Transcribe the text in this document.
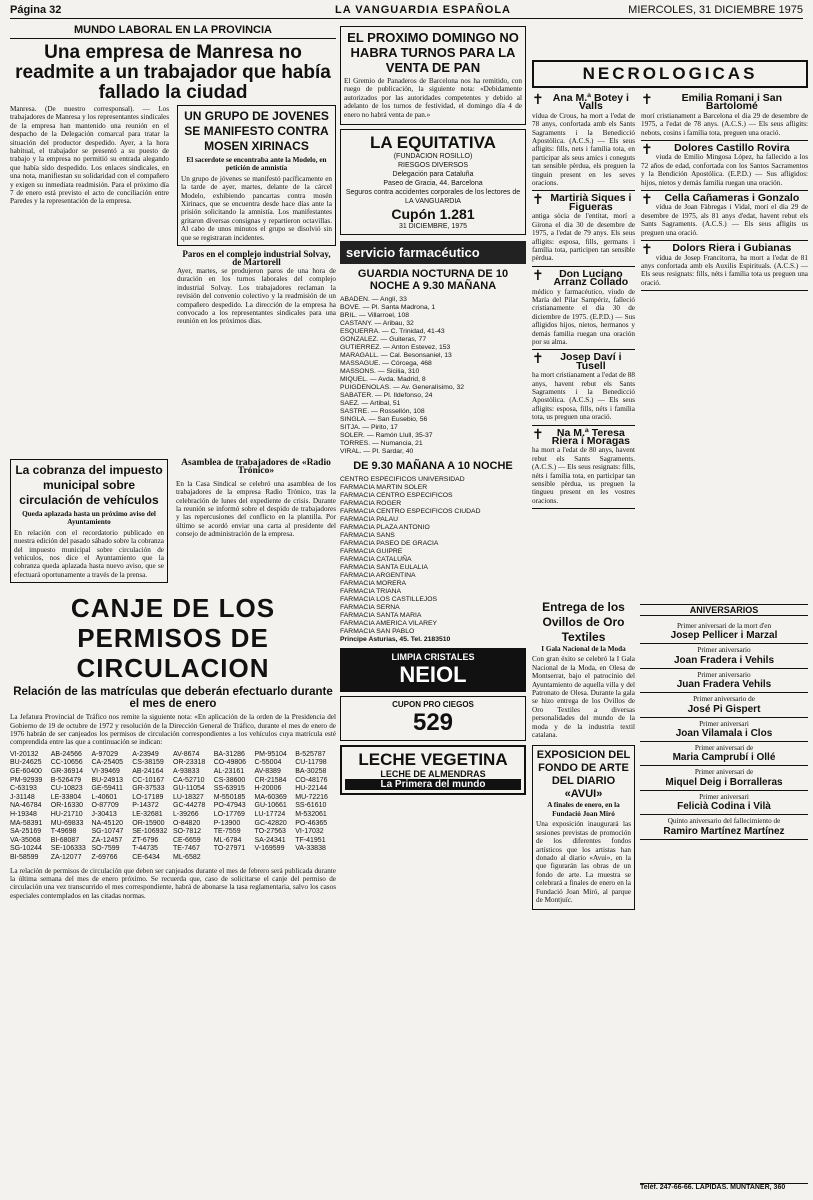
Página 32	LA VANGUARDIA ESPAÑOLA	MIERCOLES, 31 DICIEMBRE 1975
MUNDO LABORAL EN LA PROVINCIA
Una empresa de Manresa no readmite a un trabajador que había fallado la ciudad

Manresa. (De nuestro corresponsal). — Los trabajadores de Manresa y los representantes sindicales de la empresa han mantenido una reunión en el despacho de la Delegación comarcal para tratar la situación del productor despedido. Ayer, a la hora habitual, el trabajador se presentó a su puesto de trabajo y la empresa no permitió su entrada alegando que había sido despedido. Los enlaces sindicales, en una nota, manifiestan su solidaridad con el compañero y exigen su inmediata readmisión. Para el próximo día 7 de enero está previsto el acto de conciliación entre Paredes y la representación de la empresa.

UN GRUPO DE JOVENES SE MANIFESTO CONTRA MOSEN XIRINACS
El sacerdote se encontraba ante la Modelo, en petición de amnistía

Un grupo de jóvenes se manifestó pacíficamente en la tarde de ayer, martes, delante de la cárcel Modelo, exhibiendo pancartas contra mosén Xirinacs, que se encuentra desde hace días ante la prisión solicitando la amnistía. Los manifestantes gritaron diversas consignas y repartieron octavillas. Al cabo de unos minutos el grupo se disolvió sin que se registraran incidentes.

Paros en el complejo industrial Solvay, de Martorell
Ayer, martes, se produjeron paros de una hora de duración en los turnos laborales del complejo industrial Solvay. Los trabajadores reclaman la revisión del convenio colectivo y la readmisión de un compañero despedido. La dirección de la empresa ha convocado a los representantes sindicales para una reunión en los próximos días.

La cobranza del impuesto municipal sobre circulación de vehículos
Queda aplazada hasta un próximo aviso del Ayuntamiento

En relación con el recordatorio publicado en nuestra edición del pasado sábado sobre la cobranza del impuesto municipal sobre circulación de vehículos, nos dice el Ayuntamiento que la cobranza queda aplazada hasta nuevo aviso, que se efectuará oportunamente a través de la prensa.

Asamblea de trabajadores de «Radio Trónico»

En la Casa Sindical se celebró una asamblea de los trabajadores de la empresa Radio Trónico, tras la celebración de lunes del expediente de crisis. Durante la reunión se informó sobre el despido de trabajadores y las repercusiones del conflicto en la plantilla. Por último se acordó enviar una carta al presidente del consejo de administración de la empresa.

CANJE DE LOS PERMISOS DE CIRCULACION
Relación de las matrículas que deberán efectuarlo durante el mes de enero

La Jefatura Provincial de Tráfico nos remite la siguiente nota: «En aplicación de la orden de la Presidencia del Gobierno de 19 de octubre de 1972 y resolución de la Dirección General de Tráfico, durante el mes de enero de 1976 habrán de ser canjeados los permisos de circulación correspondientes a los vehículos cuya matrícula esté comprendida entre las que a continuación se indican:

VI-20132	AB-24566	A-97029	A-23949	AV-8674	BA-31286	PM-95104	B-525787
BU-24625	CC-10656	CA-25405	CS-38159	OR-23318	CO-49806	C-55004	CU-11798
GE-60400	GR-36914	VI-39469	AB-24164	A-93833	AL-23161	AV-8389	BA-30258
PM-92939	B-526479	BU-24913	CC-10167	CA-52710	CS-38600	CR-21584	CO-48176
C-63193	CU-10823	GE-59411	GR-37533	GU-11054	SS-63915	H-20006	HU-22144
J-31148	LE-33804	L-40601	LO-17189	LU-18327	M-550185	MA-60369	MU-72216
NA-46784	OR-16330	O-87709	P-14372	GC-44278	PO-47943	GU-10661	SS-61610
H-19348	HU-21710	J-30413	LE-32681	L-39266	LO-17769	LU-17724	M-532061
MA-58391	MU-69833	NA-45120	OR-15900	O-84820	P-13900	GC-42820	PO-46365
SA-25169	T-49698	SG-10747	SE-106932 SO-7812	TE-7559	TO-27563	VI-17032
VA-35068	BI-68087	ZA-12457	ZT-6796	CE-6659	ML-6784	SA-24341	TF-41951
SG-10244	SE-106333 SO-7599	T-44735	TE-7467	TO-27971	V-169599	VA-33838
BI-58599	ZA-12077	Z-69766	CE-6434	ML-6582

La relación de permisos de circulación que deben ser canjeados durante el mes de febrero será publicada durante la última semana del mes de enero próximo. Se recuerda que, caso de solicitarse el canje del permiso de circulación una vez transcurrido el mes correspondiente, habrá de abonarse la tasa reglamentaria, salvo los casos especiales contemplados en las citadas normas.

EL PROXIMO DOMINGO NO HABRA TURNOS PARA LA VENTA DE PAN

El Gremio de Panaderos de Barcelona nos ha remitido, con ruego de publicación, la siguiente nota: «Debidamente autorizados por las autoridades competentes y debido al adelanto de los turnos de festividad, el domingo día 4 de enero no habrá venta de pan.»

LA EQUITATIVA
(FUNDACION ROSILLO)
RIESGOS DIVERSOS
Delegación para Cataluña
Paseo de Gracia, 44. Barcelona
Seguros contra accidentes corporales de los lectores de LA VANGUARDIA
Cupón 1.281
31 DICIEMBRE, 1975
servicio farmacéutico
GUARDIA NOCTURNA DE 10 NOCHE A 9.30 MAÑANA
ABADEN. — Anglí, 33
BOVE. — Pl. Santa Madrona, 1
BRIL. — Villarroel, 108
CASTANY. — Aribau, 32
ESQUERRA. — C. Trinidad, 41-43
GONZALEZ. — Guiteras, 77
GUTIERREZ. — Anton Estevez, 153
MARAGALL. — Cal. Besonsaniel, 13
MASSAGUE. — Córcega, 468
MASSONS. — Sicilia, 310
MIQUEL. — Avda. Madrid, 8
PUIGDENOLAS. — Av. Generalísimo, 32
SABATER. — Pl. Ildefonso, 24
SAEZ. — Artibal, 51
SASTRE. — Rossellón, 108
SINGLA. — San Eusebio, 56
SITJA. — Pirito, 17
SOLER. — Ramón Llull, 35-37
TORRES. — Numancia, 21
VIRAL. — Pl. Sardar, 40
DE 9.30 MAÑANA A 10 NOCHE
CENTRO ESPECIFICOS UNIVERSIDAD
FARMACIA MARTIN SOLER
FARMACIA CENTRO ESPECIFICOS
FARMACIA ROGER
FARMACIA CENTRO ESPECIFICOS CIUDAD
FARMACIA PALAU
FARMACIA PLAZA ANTONIO
FARMACIA SANS
FARMACIA PASEO DE GRACIA
FARMACIA GUIPRE
FARMACIA CATALUÑA
FARMACIA SANTA EULALIA
FARMACIA ARGENTINA
FARMACIA MORERA
FARMACIA TRIANA
FARMACIA LOS CASTILLEJOS
FARMACIA SERNA
FARMACIA SANTA MARIA
FARMACIA AMERICA VILAREY
FARMACIA SAN PABLO
Principe Asturias, 45. Tel. 2183510
LIMPIA CRISTALES
NEIOL
CUPON PRO CIEGOS
529
LECHE VEGETINA
LECHE DE ALMENDRAS
La Primera del mundo
Entrega de los Ovillos de Oro Textiles
I Gala Nacional de la Moda

Con gran éxito se celebró la I Gala Nacional de la Moda, en Olesa de Montserrat, bajo el patrocinio del Ayuntamiento de aquella villa y del Patronato de Olesa. Durante la gala se hizo entrega de los Ovillos de Oro Textiles a diversas personalidades del mundo de la moda y de la industria textil catalana.

EXPOSICION DEL FONDO DE ARTE DEL DIARIO «AVUI»
A finales de enero, en la Fundació Joan Miró

Una exposición inaugurará las sesiones previstas de promoción de los diferentes fondos artísticos que los artistas han donado al diario «Avui», en la que figurarán las obras de un fondo de arte. La muestra se celebrará a finales de enero en la Fundació Joan Miró, al parque de Montjuïc.

NECROLOGICAS
✝ Ana M.ª Botey i Valls
vídua de Crous, ha mort a l'edat de 78 anys, confortada amb els Sants Sagraments i la Benedicció Apostòlica. (A.C.S.) — Els seus afligits: fills, nets i família tota, en participar als seus amics i coneguts tan sensible pèrdua, els preguen la tinguin present en les seves oracions.
✝ Martirià Siques i Figueras
antiga sòcia de l'entitat, morí a Girona el dia 30 de desembre de 1975, a l'edat de 79 anys. Els seus afligits: esposa, fills, germans i família tota, participen tan sensible pèrdua.
✝	Don Luciano Arranz Collado
médico y farmacéutico, viudo de María del Pilar Sampériz, falleció cristianamente el día 30 de diciembre de 1975. (E.P.D.) — Sus afligidos hijos, nietos, hermanos y demás familia ruegan una oración por su alma.
✝	Josep Daví i Tusell
ha mort cristianament a l'edat de 88 anys, havent rebut els Sants Sagraments i la Benedicció Apostòlica. (A.C.S.) — Els seus afligits: esposa, fills, néts i família tota, us preguen una oració.
✝	Na M.ª Teresa Riera i Moragas
ha mort a l'edat de 80 anys, havent rebut els Sants Sagraments. (A.C.S.) — Els seus resignats: fills, néts i família tota, en participar tan sensible pèrdua, us preguen la tingueu present en les vostres oracions.
✝	Emilia Romani i San Bartolomé
morí cristianament a Barcelona el dia 29 de desembre de 1975, a l'edat de 78 anys. (A.C.S.) — Els seus afligits: nebots, cosins i família tota, preguen una oració.
✝	Dolores Castillo Rovira
viuda de Emilio Mingosa López, ha fallecido a los 72 años de edad, confortada con los Santos Sacramentos y la Bendición Apostólica. (E.P.D.) — Sus afligidos: hijos, nietos y demás familia ruegan una oración.
✝	Cella Cañameras i Gonzalo
vídua de Joan Fàbregas i Vidal, morí el dia 29 de desembre de 1975, als 81 anys d'edat, havent rebut els Sants Sagraments. (A.C.S.) — Els seus afligits us preguen una oració.
✝	Dolors Riera i Gubianas
vídua de Josep Francitorra, ha mort a l'edat de 81 anys confortada amb els Auxilis Espirituals. (A.C.S.) — Els seus resignats: fills, néts i família tota us preguen una oració.
ANIVERSARIOS
Primer aniversari de la mort d'en
Josep Pellicer i Marzal
Primer aniversario
Joan Fradera i Vehils
Primer aniversario
Juan Fradera Vehils
Primer aniversario de
José Pi Gispert
Primer aniversari
Joan Vilamala i Clos
Primer aniversari de
Maria Camprubí i Ollé
Primer aniversari de
Miquel Deig i Borralleras
Primer aniversari
Felicià Codina i Vilà
Quinto aniversario del fallecimiento de
Ramiro Martínez Martínez
Teléf. 247-66-66. LAPIDAS. MUNTANER, 360
